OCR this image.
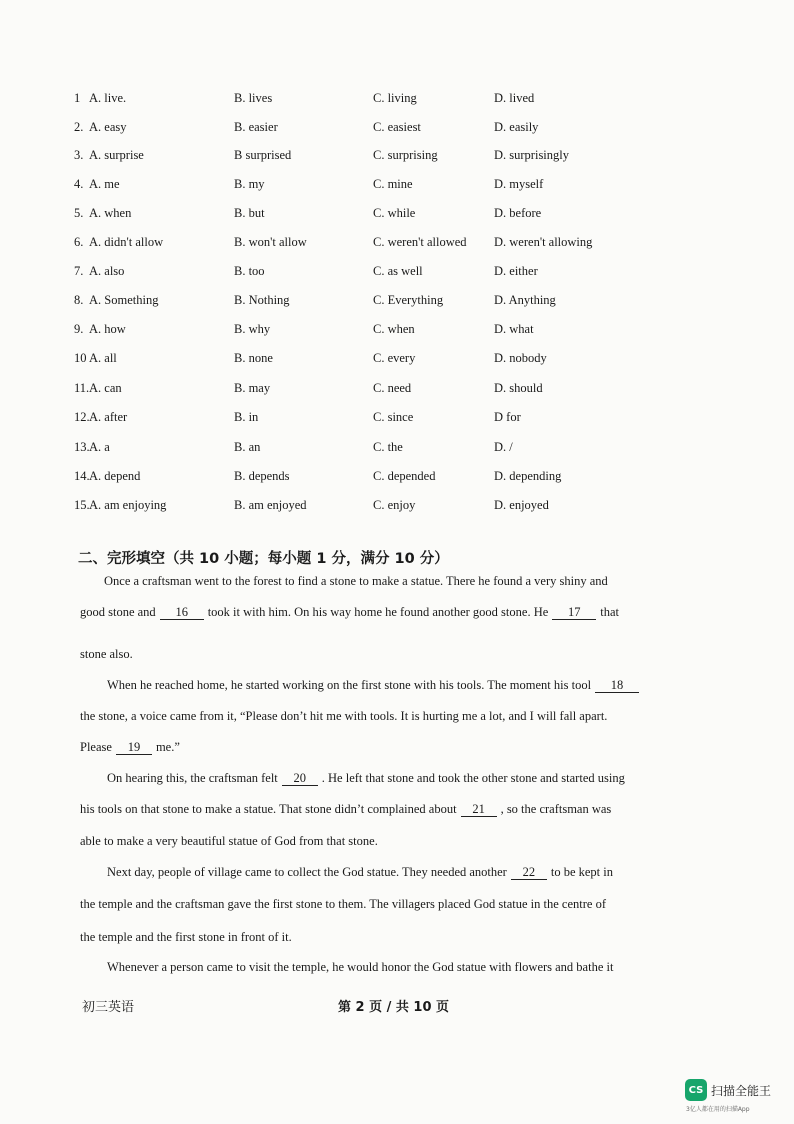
1 A. live.	B. lives	C. living	D. lived
2. A. easy	B. easier	C. easiest	D. easily
3. A. surprise	B surprised	C. surprising	D. surprisingly
4. A. me	B. my	C. mine	D. myself
5. A. when	B. but	C. while	D. before
6. A. didn't allow	B. won't allow	C. weren't allowed D. weren't allowing
7. A. also	B. too	C. as well	D. either
8. A. Something	B. Nothing	C. Everything	D. Anything
9. A. how	B. why	C. when	D. what
10 A. all	B. none	C. every	D. nobody
11. A. can	B. may	C. need	D. should
12. A. after	B. in	C. since	D for
13. A. a	B. an	C. the	D. /
14. A. depend	B. depends	C. depended	D. depending
15. A. am enjoying	B. am enjoyed	C. enjoy	D. enjoyed
二、完形填空（共 10 小题；每小题 1 分，满分 10 分）
Once a craftsman went to the forest to find a stone to make a statue. There he found a very shiny and
good stone and 16 took it with him. On his way home he found another good stone. He 17 that
stone also.
When he reached home, he started working on the first stone with his tools. The moment his tool 18
the stone, a voice came from it, “Please don’t hit me with tools. It is hurting me a lot, and I will fall apart.
Please 19 me.”
On hearing this, the craftsman felt 20 . He left that stone and took the other stone and started using
his tools on that stone to make a statue. That stone didn’t complained about 21 , so the craftsman was
able to make a very beautiful statue of God from that stone.
Next day, people of village came to collect the God statue. They needed another 22 to be kept in
the temple and the craftsman gave the first stone to them. The villagers placed God statue in the centre of
the temple and the first stone in front of it.
Whenever a person came to visit the temple, he would honor the God statue with flowers and bathe it
初三英语	第 2 页 / 共 10 页
CS 扫描全能王
3亿人都在用的扫描App
